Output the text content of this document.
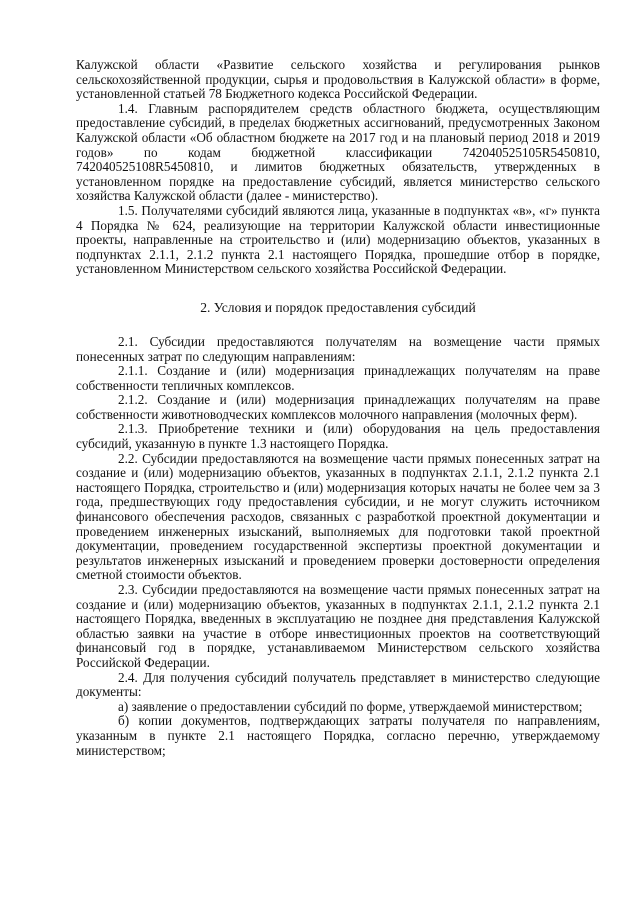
Калужской области «Развитие сельского хозяйства и регулирования рынков сельскохозяйственной продукции, сырья и продовольствия в Калужской области» в форме, установленной статьей 78 Бюджетного кодекса Российской Федерации.

1.4. Главным распорядителем средств областного бюджета, осуществляющим предоставление субсидий, в пределах бюджетных ассигнований, предусмотренных Законом Калужской области «Об областном бюджете на 2017 год и на плановый период 2018 и 2019 годов» по кодам бюджетной классификации 742040525105R5450810, 742040525108R5450810, и лимитов бюджетных обязательств, утвержденных в установленном порядке на предоставление субсидий, является министерство сельского хозяйства Калужской области (далее - министерство).

1.5. Получателями субсидий являются лица, указанные в подпунктах «в», «г» пункта 4 Порядка № 624, реализующие на территории Калужской области инвестиционные проекты, направленные на строительство и (или) модернизацию объектов, указанных в подпунктах 2.1.1, 2.1.2 пункта 2.1 настоящего Порядка, прошедшие отбор в порядке, установленном Министерством сельского хозяйства Российской Федерации.

2. Условия и порядок предоставления субсидий

2.1. Субсидии предоставляются получателям на возмещение части прямых понесенных затрат по следующим направлениям:

2.1.1. Создание и (или) модернизация принадлежащих получателям на праве собственности тепличных комплексов.

2.1.2. Создание и (или) модернизация принадлежащих получателям на праве собственности животноводческих комплексов молочного направления (молочных ферм).

2.1.3. Приобретение техники и (или) оборудования на цель предоставления субсидий, указанную в пункте 1.3 настоящего Порядка.

2.2. Субсидии предоставляются на возмещение части прямых понесенных затрат на создание и (или) модернизацию объектов, указанных в подпунктах 2.1.1, 2.1.2 пункта 2.1 настоящего Порядка, строительство и (или) модернизация которых начаты не более чем за 3 года, предшествующих году предоставления субсидии, и не могут служить источником финансового обеспечения расходов, связанных с разработкой проектной документации и проведением инженерных изысканий, выполняемых для подготовки такой проектной документации, проведением государственной экспертизы проектной документации и результатов инженерных изысканий и проведением проверки достоверности определения сметной стоимости объектов.

2.3. Субсидии предоставляются на возмещение части прямых понесенных затрат на создание и (или) модернизацию объектов, указанных в подпунктах 2.1.1, 2.1.2 пункта 2.1 настоящего Порядка, введенных в эксплуатацию не позднее дня представления Калужской областью заявки на участие в отборе инвестиционных проектов на соответствующий финансовый год в порядке, устанавливаемом Министерством сельского хозяйства Российской Федерации.

2.4. Для получения субсидий получатель представляет в министерство следующие документы:

а) заявление о предоставлении субсидий по форме, утверждаемой министерством;

б) копии документов, подтверждающих затраты получателя по направлениям, указанным в пункте 2.1 настоящего Порядка, согласно перечню, утверждаемому министерством;
